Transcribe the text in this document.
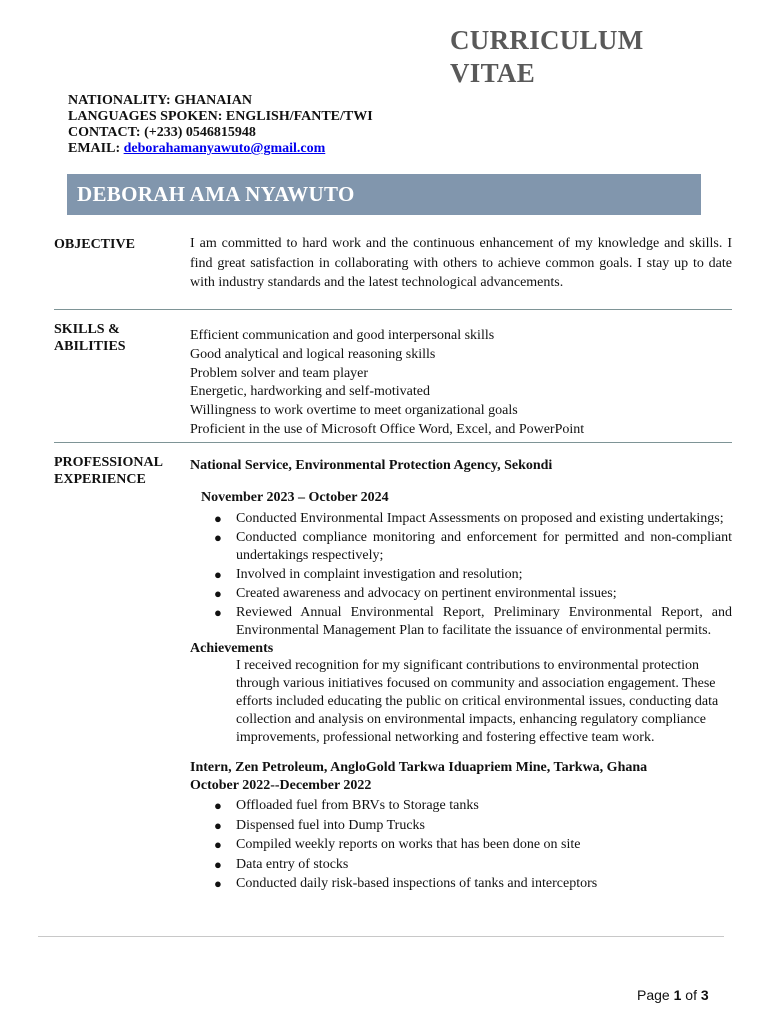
CURRICULUM
VITAE
NATIONALITY: GHANAIAN
LANGUAGES SPOKEN: ENGLISH/FANTE/TWI
CONTACT: (+233) 0546815948
EMAIL: deborahamanyawuto@gmail.com
DEBORAH AMA NYAWUTO
OBJECTIVE	I am committed to hard work and the continuous enhancement of my knowledge and skills. I find great satisfaction in collaborating with others to achieve common goals. I stay up to date with industry standards and the latest technological advancements.
SKILLS &
ABILITIES
Efficient communication and good interpersonal skills
Good analytical and logical reasoning skills
Problem solver and team player
Energetic, hardworking and self-motivated
Willingness to work overtime to meet organizational goals
Proficient in the use of Microsoft Office Word, Excel, and PowerPoint
PROFESSIONAL
EXPERIENCE
National Service, Environmental Protection Agency, Sekondi
November 2023 – October 2024
● Conducted Environmental Impact Assessments on proposed and existing undertakings;
● Conducted compliance monitoring and enforcement for permitted and non-compliant undertakings respectively;
● Involved in complaint investigation and resolution;
● Created awareness and advocacy on pertinent environmental issues;
● Reviewed Annual Environmental Report, Preliminary Environmental Report, and Environmental Management Plan to facilitate the issuance of environmental permits.
Achievements
I received recognition for my significant contributions to environmental protection through various initiatives focused on community and association engagement. These efforts included educating the public on critical environmental issues, conducting data collection and analysis on environmental impacts, enhancing regulatory compliance improvements, professional networking and fostering effective team work.
Intern, Zen Petroleum, AngloGold Tarkwa Iduapriem Mine, Tarkwa, Ghana
October 2022--December 2022
● Offloaded fuel from BRVs to Storage tanks
● Dispensed fuel into Dump Trucks
● Compiled weekly reports on works that has been done on site
● Data entry of stocks
● Conducted daily risk-based inspections of tanks and interceptors
Page 1 of 3
